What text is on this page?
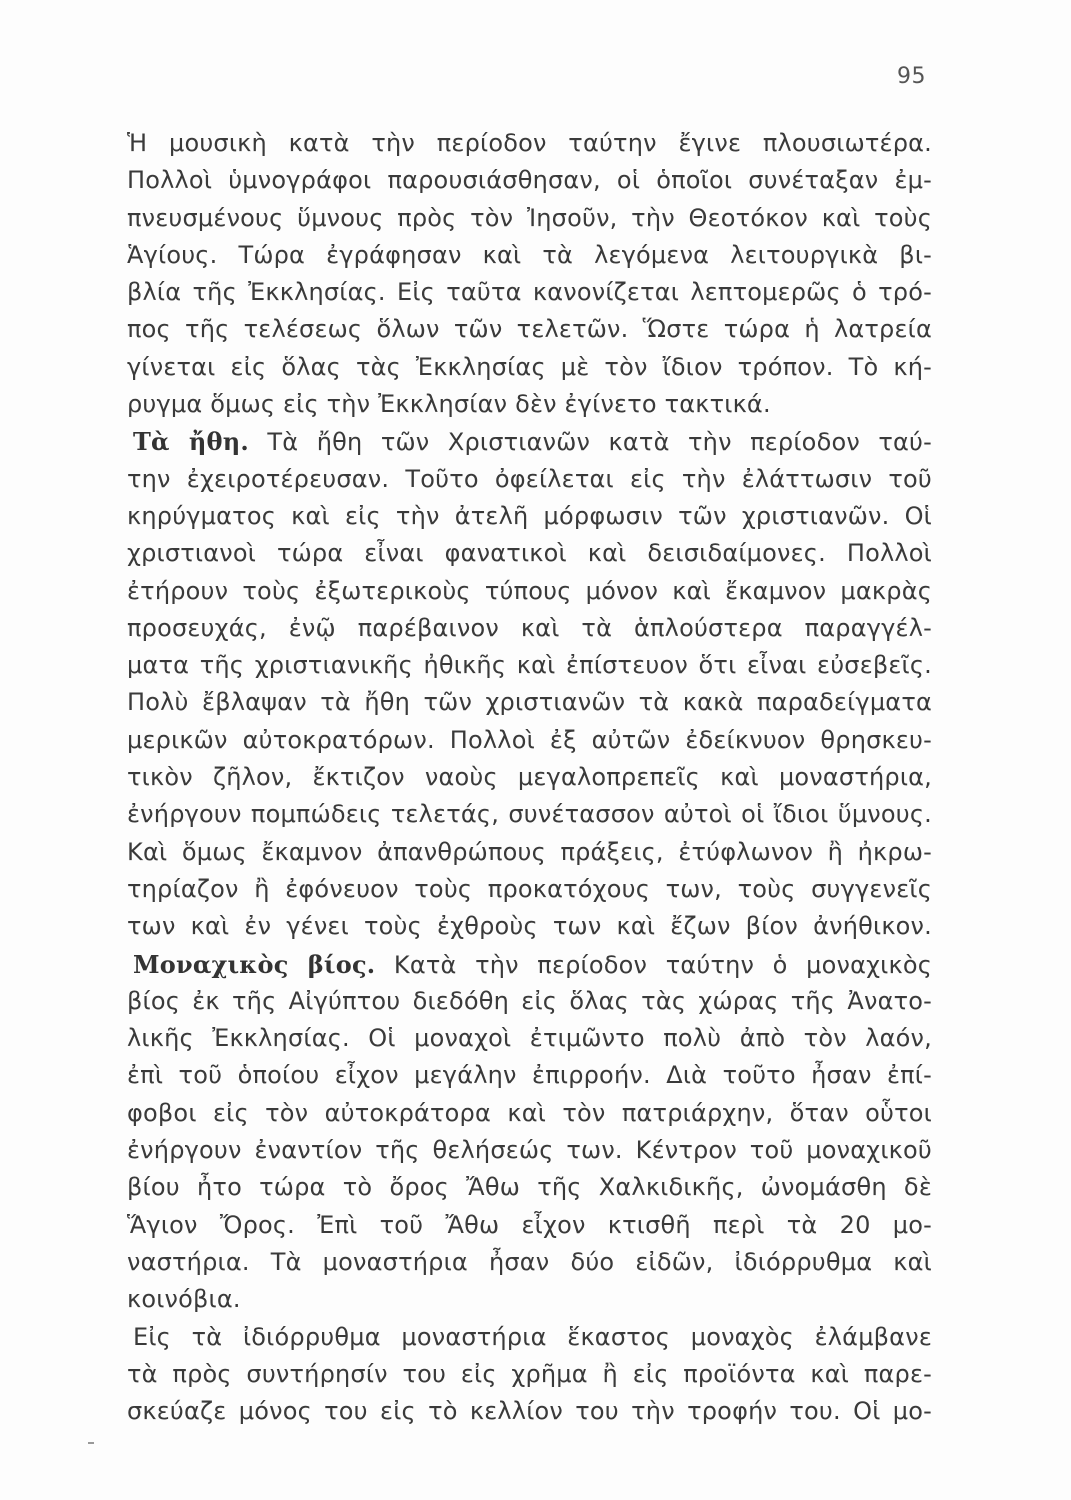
95
Ἡ μουσικὴ κατὰ τὴν περίοδον ταύτην ἔγινε πλουσιωτέρα.
Πολλοὶ ὑμνογράφοι παρουσιάσθησαν, οἱ ὁποῖοι συνέταξαν ἐμ-
πνευσμένους ὕμνους πρὸς τὸν Ἰησοῦν, τὴν Θεοτόκον καὶ τοὺς
Ἁγίους. Τώρα ἐγράφησαν καὶ τὰ λεγόμενα λειτουργικὰ βι-
βλία τῆς Ἐκκλησίας. Εἰς ταῦτα κανονίζεται λεπτομερῶς ὁ τρό-
πος τῆς τελέσεως ὅλων τῶν τελετῶν. Ὥστε τώρα ἡ λατρεία
γίνεται εἰς ὅλας τὰς Ἐκκλησίας μὲ τὸν ἴδιον τρόπον. Τὸ κή-
ρυγμα ὅμως εἰς τὴν Ἐκκλησίαν δὲν ἐγίνετο τακτικά.
Τὰ ἤθη. Τὰ ἤθη τῶν Χριστιανῶν κατὰ τὴν περίοδον ταύ-
την ἐχειροτέρευσαν. Τοῦτο ὀφείλεται εἰς τὴν ἐλάττωσιν τοῦ
κηρύγματος καὶ εἰς τὴν ἀτελῆ μόρφωσιν τῶν χριστιανῶν. Οἱ
χριστιανοὶ τώρα εἶναι φανατικοὶ καὶ δεισιδαίμονες. Πολλοὶ
ἐτήρουν τοὺς ἐξωτερικοὺς τύπους μόνον καὶ ἔκαμνον μακρὰς
προσευχάς, ἐνῷ παρέβαινον καὶ τὰ ἁπλούστερα παραγγέλ-
ματα τῆς χριστιανικῆς ἠθικῆς καὶ ἐπίστευον ὅτι εἶναι εὐσεβεῖς.
Πολὺ ἔβλαψαν τὰ ἤθη τῶν χριστιανῶν τὰ κακὰ παραδείγματα
μερικῶν αὐτοκρατόρων. Πολλοὶ ἐξ αὐτῶν ἐδείκνυον θρησκευ-
τικὸν ζῆλον, ἔκτιζον ναοὺς μεγαλοπρεπεῖς καὶ μοναστήρια,
ἐνήργουν πομπώδεις τελετάς, συνέτασσον αὐτοὶ οἱ ἴδιοι ὕμνους.
Καὶ ὅμως ἔκαμνον ἀπανθρώπους πράξεις, ἐτύφλωνον ἢ ἠκρω-
τηρίαζον ἢ ἐφόνευον τοὺς προκατόχους των, τοὺς συγγενεῖς
των καὶ ἐν γένει τοὺς ἐχθροὺς των καὶ ἔζων βίον ἀνήθικον.
Μοναχικὸς βίος. Κατὰ τὴν περίοδον ταύτην ὁ μοναχικὸς
βίος ἐκ τῆς Αἰγύπτου διεδόθη εἰς ὅλας τὰς χώρας τῆς Ἀνατο-
λικῆς Ἐκκλησίας. Οἱ μοναχοὶ ἐτιμῶντο πολὺ ἀπὸ τὸν λαόν,
ἐπὶ τοῦ ὁποίου εἶχον μεγάλην ἐπιρροήν. Διὰ τοῦτο ἦσαν ἐπί-
φοβοι εἰς τὸν αὐτοκράτορα καὶ τὸν πατριάρχην, ὅταν οὗτοι
ἐνήργουν ἐναντίον τῆς θελήσεώς των. Κέντρον τοῦ μοναχικοῦ
βίου ἦτο τώρα τὸ ὄρος Ἄθω τῆς Χαλκιδικῆς, ὠνομάσθη δὲ
Ἅγιον Ὄρος. Ἐπὶ τοῦ Ἄθω εἶχον κτισθῆ περὶ τὰ 20 μο-
ναστήρια. Τὰ μοναστήρια ἦσαν δύο εἰδῶν, ἰδιόρρυθμα καὶ
κοινόβια.
Εἰς τὰ ἰδιόρρυθμα μοναστήρια ἕκαστος μοναχὸς ἐλάμβανε
τὰ πρὸς συντήρησίν του εἰς χρῆμα ἢ εἰς προϊόντα καὶ παρε-
σκεύαζε μόνος του εἰς τὸ κελλίον του τὴν τροφήν του. Οἱ μο-
